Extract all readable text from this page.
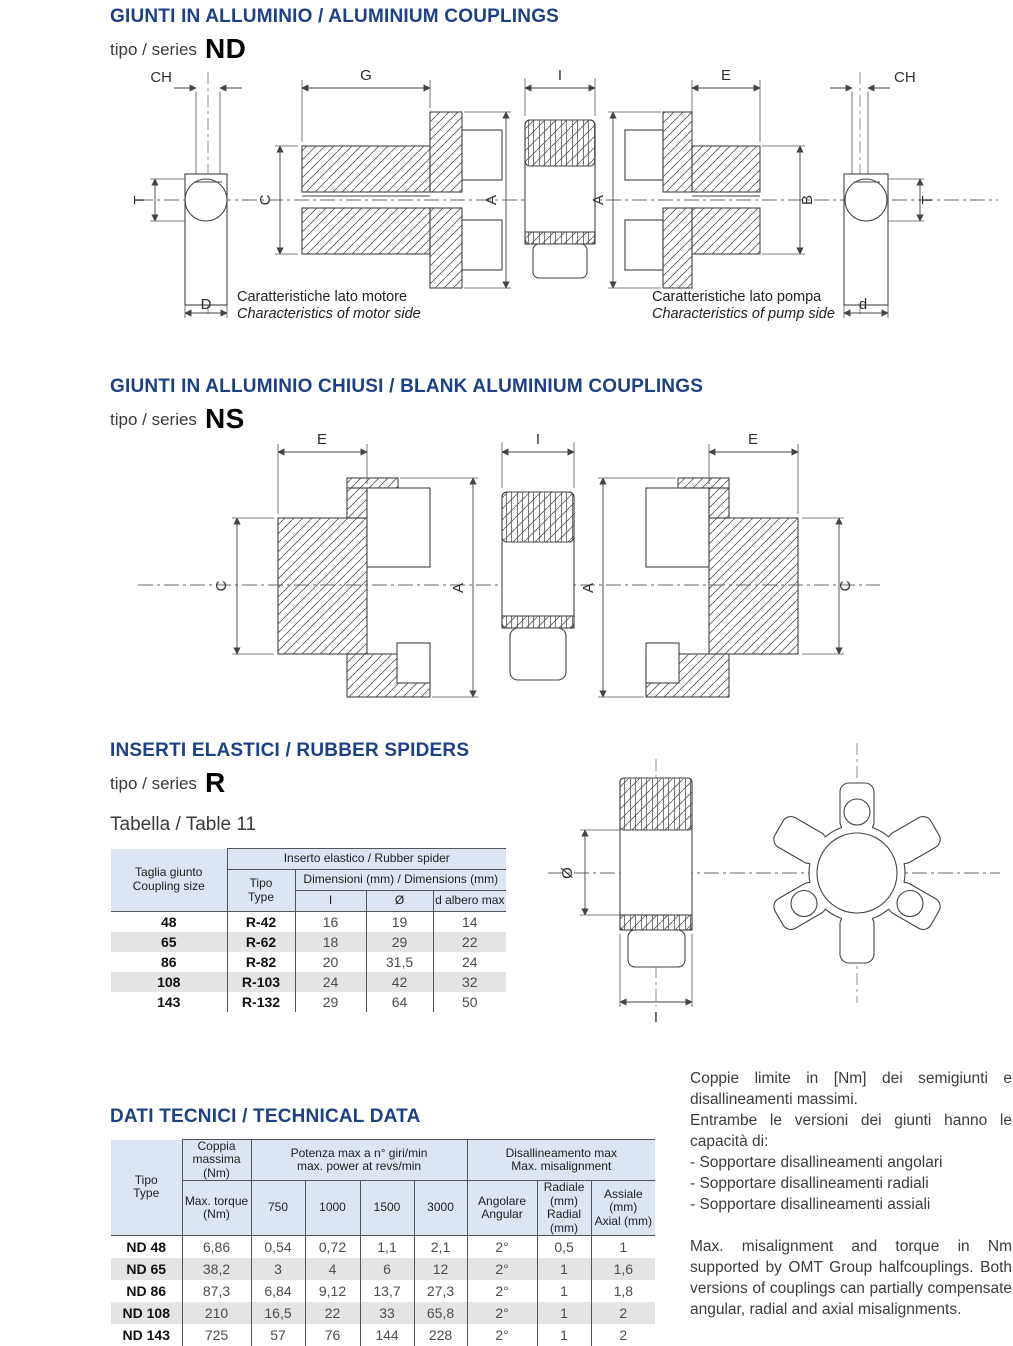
GIUNTI IN ALLUMINIO / ALUMINIUM COUPLINGS
tipo / series ND
CH
T
D
G
C	A
I
A
E
B
CH
T
d
Caratteristiche lato motore
Characteristics of motor side
Caratteristiche lato pompa
Characteristics of pump side
GIUNTI IN ALLUMINIO CHIUSI / BLANK ALUMINIUM COUPLINGS
tipo / series NS
E
C	A
I
A
E
C
INSERTI ELASTICI / RUBBER SPIDERS
tipo / series R
Tabella / Table 11
Ø
I
Taglia giunto
Coupling size	Inserto elastico / Rubber spider			

	Tipo
Type	Dimensioni (mm) / Dimensions (mm)		
		I	Ø	d albero max
48	R-42	16	19	14
65	R-62	18	29	22
86	R-82	20	31,5	24
108	R-103	24	42	32
143	R-132	29	64	50
DATI TECNICI / TECHNICAL DATA
Tipo
Type
	Coppia massima (Nm)	
Potenza max a n° giri/min
max. power at revs/min

Disallineamento max
Max. misalignment

Max. torque (Nm)	750	1000	1500	3000	Angolare
Angular

Radiale (mm)
Radial (mm)

Assiale (mm)
Axial (mm)

ND 48	6,86	0,54	0,72	1,1	2,1	2°	0,5	1
ND 65	38,2	3	4	6	12	2°	1	1,6
ND 86	87,3	6,84	9,12	13,7	27,3	2°	1	1,8
ND 108	210	16,5	22	33	65,8	2°	1	2
ND 143	725	57	76	144	228	2°	1	2
Coppie limite in [Nm] dei semigiunti e disallineamenti massimi.
Entrambe le versioni dei giunti hanno le capacità di:
- Sopportare disallineamenti angolari
- Sopportare disallineamenti radiali
- Sopportare disallineamenti assiali
Max. misalignment and torque in Nm supported by OMT Group halfcouplings. Both versions of couplings can partially compensate angular, radial and axial misalignments.
